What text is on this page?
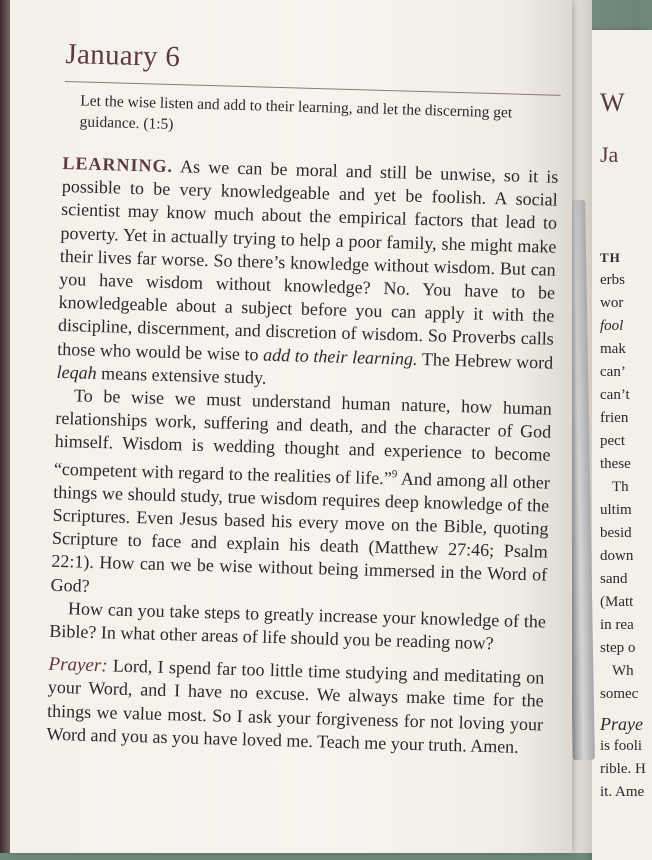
W
Ja
TH
erbs
wor
fool
mak
can’
can’t
frien
pect
these
Th
ultim
besid
down
sand
(Matt
in rea
step o
Wh
somec
Praye
is fooli
rible. H
it. Ame
January 6

Let the wise listen and add to their learning, and let the discerning get guidance. (1:5)

LEARNING. As we can be moral and still be unwise, so it is possible to be very knowledgeable and yet be foolish. A social scientist may know much about the empirical factors that lead to poverty. Yet in actually trying to help a poor family, she might make their lives far worse. So there’s knowledge without wisdom. But can you have wisdom without knowledge? No. You have to be knowledgeable about a subject before you can apply it with the discipline, discernment, and discretion of wisdom. So Proverbs calls those who would be wise to add to their learning. The Hebrew word leqah means extensive study.

To be wise we must understand human nature, how human relationships work, suffering and death, and the character of God himself. Wisdom is wedding thought and experience to become “competent with regard to the realities of life.”$^9$ And among all other things we should study, true wisdom requires deep knowledge of the Scriptures. Even Jesus based his every move on the Bible, quoting Scripture to face and explain his death (Matthew 27:46; Psalm 22:1). How can we be wise without being immersed in the Word of God?

How can you take steps to greatly increase your knowledge of the Bible? In what other areas of life should you be reading now?

Prayer: Lord, I spend far too little time studying and meditating on your Word, and I have no excuse. We always make time for the things we value most. So I ask your forgiveness for not loving your Word and you as you have loved me. Teach me your truth. Amen.
